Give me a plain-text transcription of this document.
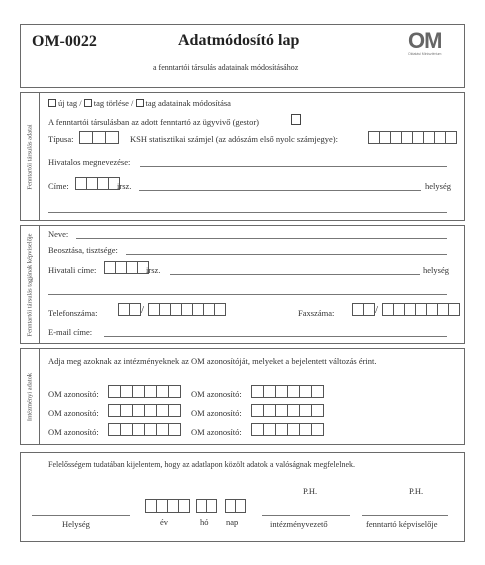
OM-0022	Adatmódosító lap
a fenntartói társulás adatainak módosításához
OM
Oktatási Minisztérium
Fenntartói társulás adatai
új tag / tag törlése / tag adatainak módosítása
A fenntartói társulásban az adott fenntartó az ügyvivő (gestor)
Típusa:	KSH statisztikai számjel (az adószám első nyolc számjegye):
Hivatalos megnevezése:
Címe:	irsz.	helység
Fenntartói társulás tagjának képviselője Neve:
Beosztása, tisztsége:
Hivatali címe:	irsz.	helység
Telefonszáma:	/	Faxszáma:	/
E-mail címe:
Intézményi adatok
Adja meg azoknak az intézményeknek az OM azonosítóját, melyeket a bejelentett változás érint.
OM azonosító:	OM azonosító:
OM azonosító:	OM azonosító:
OM azonosító:	OM azonosító:
Felelősségem tudatában kijelentem, hogy az adatlapon közölt adatok a valóságnak megfelelnek.
P.H.	P.H.
Helység	év	hó nap	intézményvezető	fenntartó képviselője
